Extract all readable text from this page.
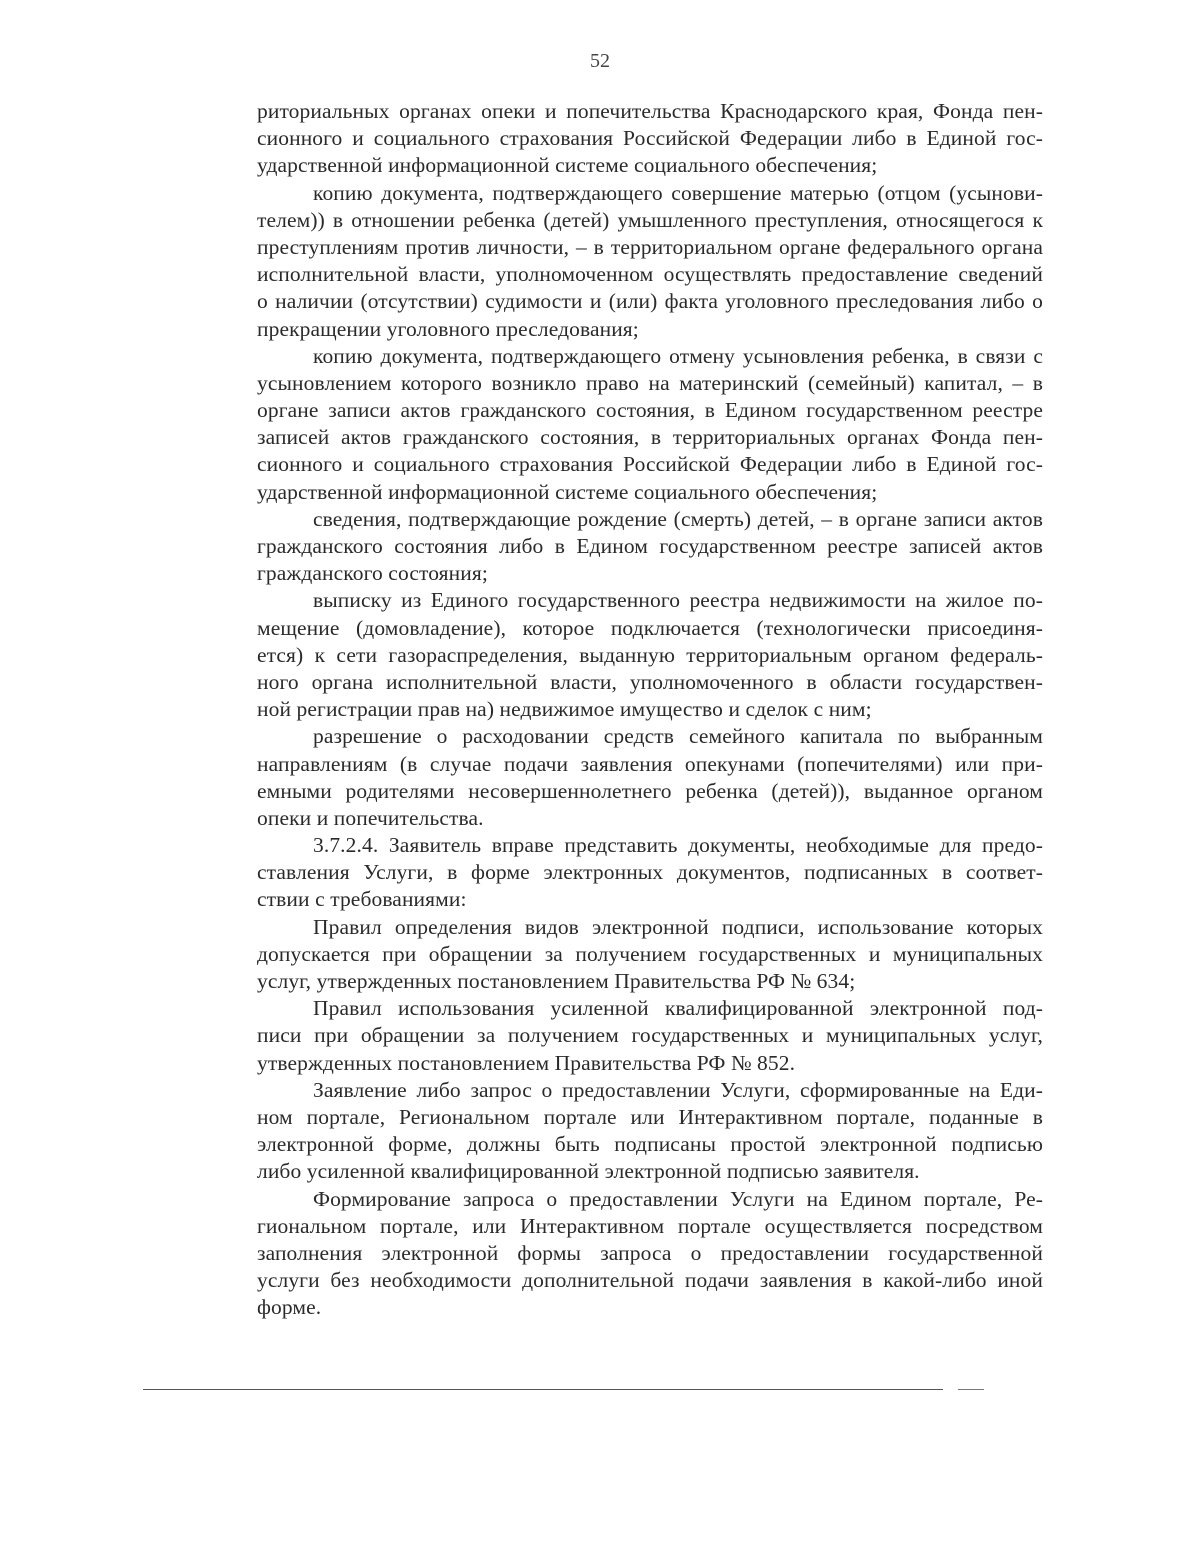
52
риториальных органах опеки и попечительства Краснодарского края, Фонда пен-
сионного и социального страхования Российской Федерации либо в Единой гос-
ударственной информационной системе социального обеспечения;
копию документа, подтверждающего совершение матерью (отцом (усынови-
телем)) в отношении ребенка (детей) умышленного преступления, относящегося к
преступлениям против личности, – в территориальном органе федерального органа
исполнительной власти, уполномоченном осуществлять предоставление сведений
о наличии (отсутствии) судимости и (или) факта уголовного преследования либо о
прекращении уголовного преследования;
копию документа, подтверждающего отмену усыновления ребенка, в связи с
усыновлением которого возникло право на материнский (семейный) капитал, – в
органе записи актов гражданского состояния, в Едином государственном реестре
записей актов гражданского состояния, в территориальных органах Фонда пен-
сионного и социального страхования Российской Федерации либо в Единой гос-
ударственной информационной системе социального обеспечения;
сведения, подтверждающие рождение (смерть) детей, – в органе записи актов
гражданского состояния либо в Едином государственном реестре записей актов
гражданского состояния;
выписку из Единого государственного реестра недвижимости на жилое по-
мещение (домовладение), которое подключается (технологически присоединя-
ется) к сети газораспределения, выданную территориальным органом федераль-
ного органа исполнительной власти, уполномоченного в области государствен-
ной регистрации прав на) недвижимое имущество и сделок с ним;
разрешение о расходовании средств семейного капитала по выбранным
направлениям (в случае подачи заявления опекунами (попечителями) или при-
емными родителями несовершеннолетнего ребенка (детей)), выданное органом
опеки и попечительства.
3.7.2.4. Заявитель вправе представить документы, необходимые для предо-
ставления Услуги, в форме электронных документов, подписанных в соответ-
ствии с требованиями:
Правил определения видов электронной подписи, использование которых
допускается при обращении за получением государственных и муниципальных
услуг, утвержденных постановлением Правительства РФ № 634;
Правил использования усиленной квалифицированной электронной под-
писи при обращении за получением государственных и муниципальных услуг,
утвержденных постановлением Правительства РФ № 852.
Заявление либо запрос о предоставлении Услуги, сформированные на Еди-
ном портале, Региональном портале или Интерактивном портале, поданные в
электронной форме, должны быть подписаны простой электронной подписью
либо усиленной квалифицированной электронной подписью заявителя.
Формирование запроса о предоставлении Услуги на Едином портале, Ре-
гиональном портале, или Интерактивном портале осуществляется посредством
заполнения электронной формы запроса о предоставлении государственной
услуги без необходимости дополнительной подачи заявления в какой-либо иной
форме.
